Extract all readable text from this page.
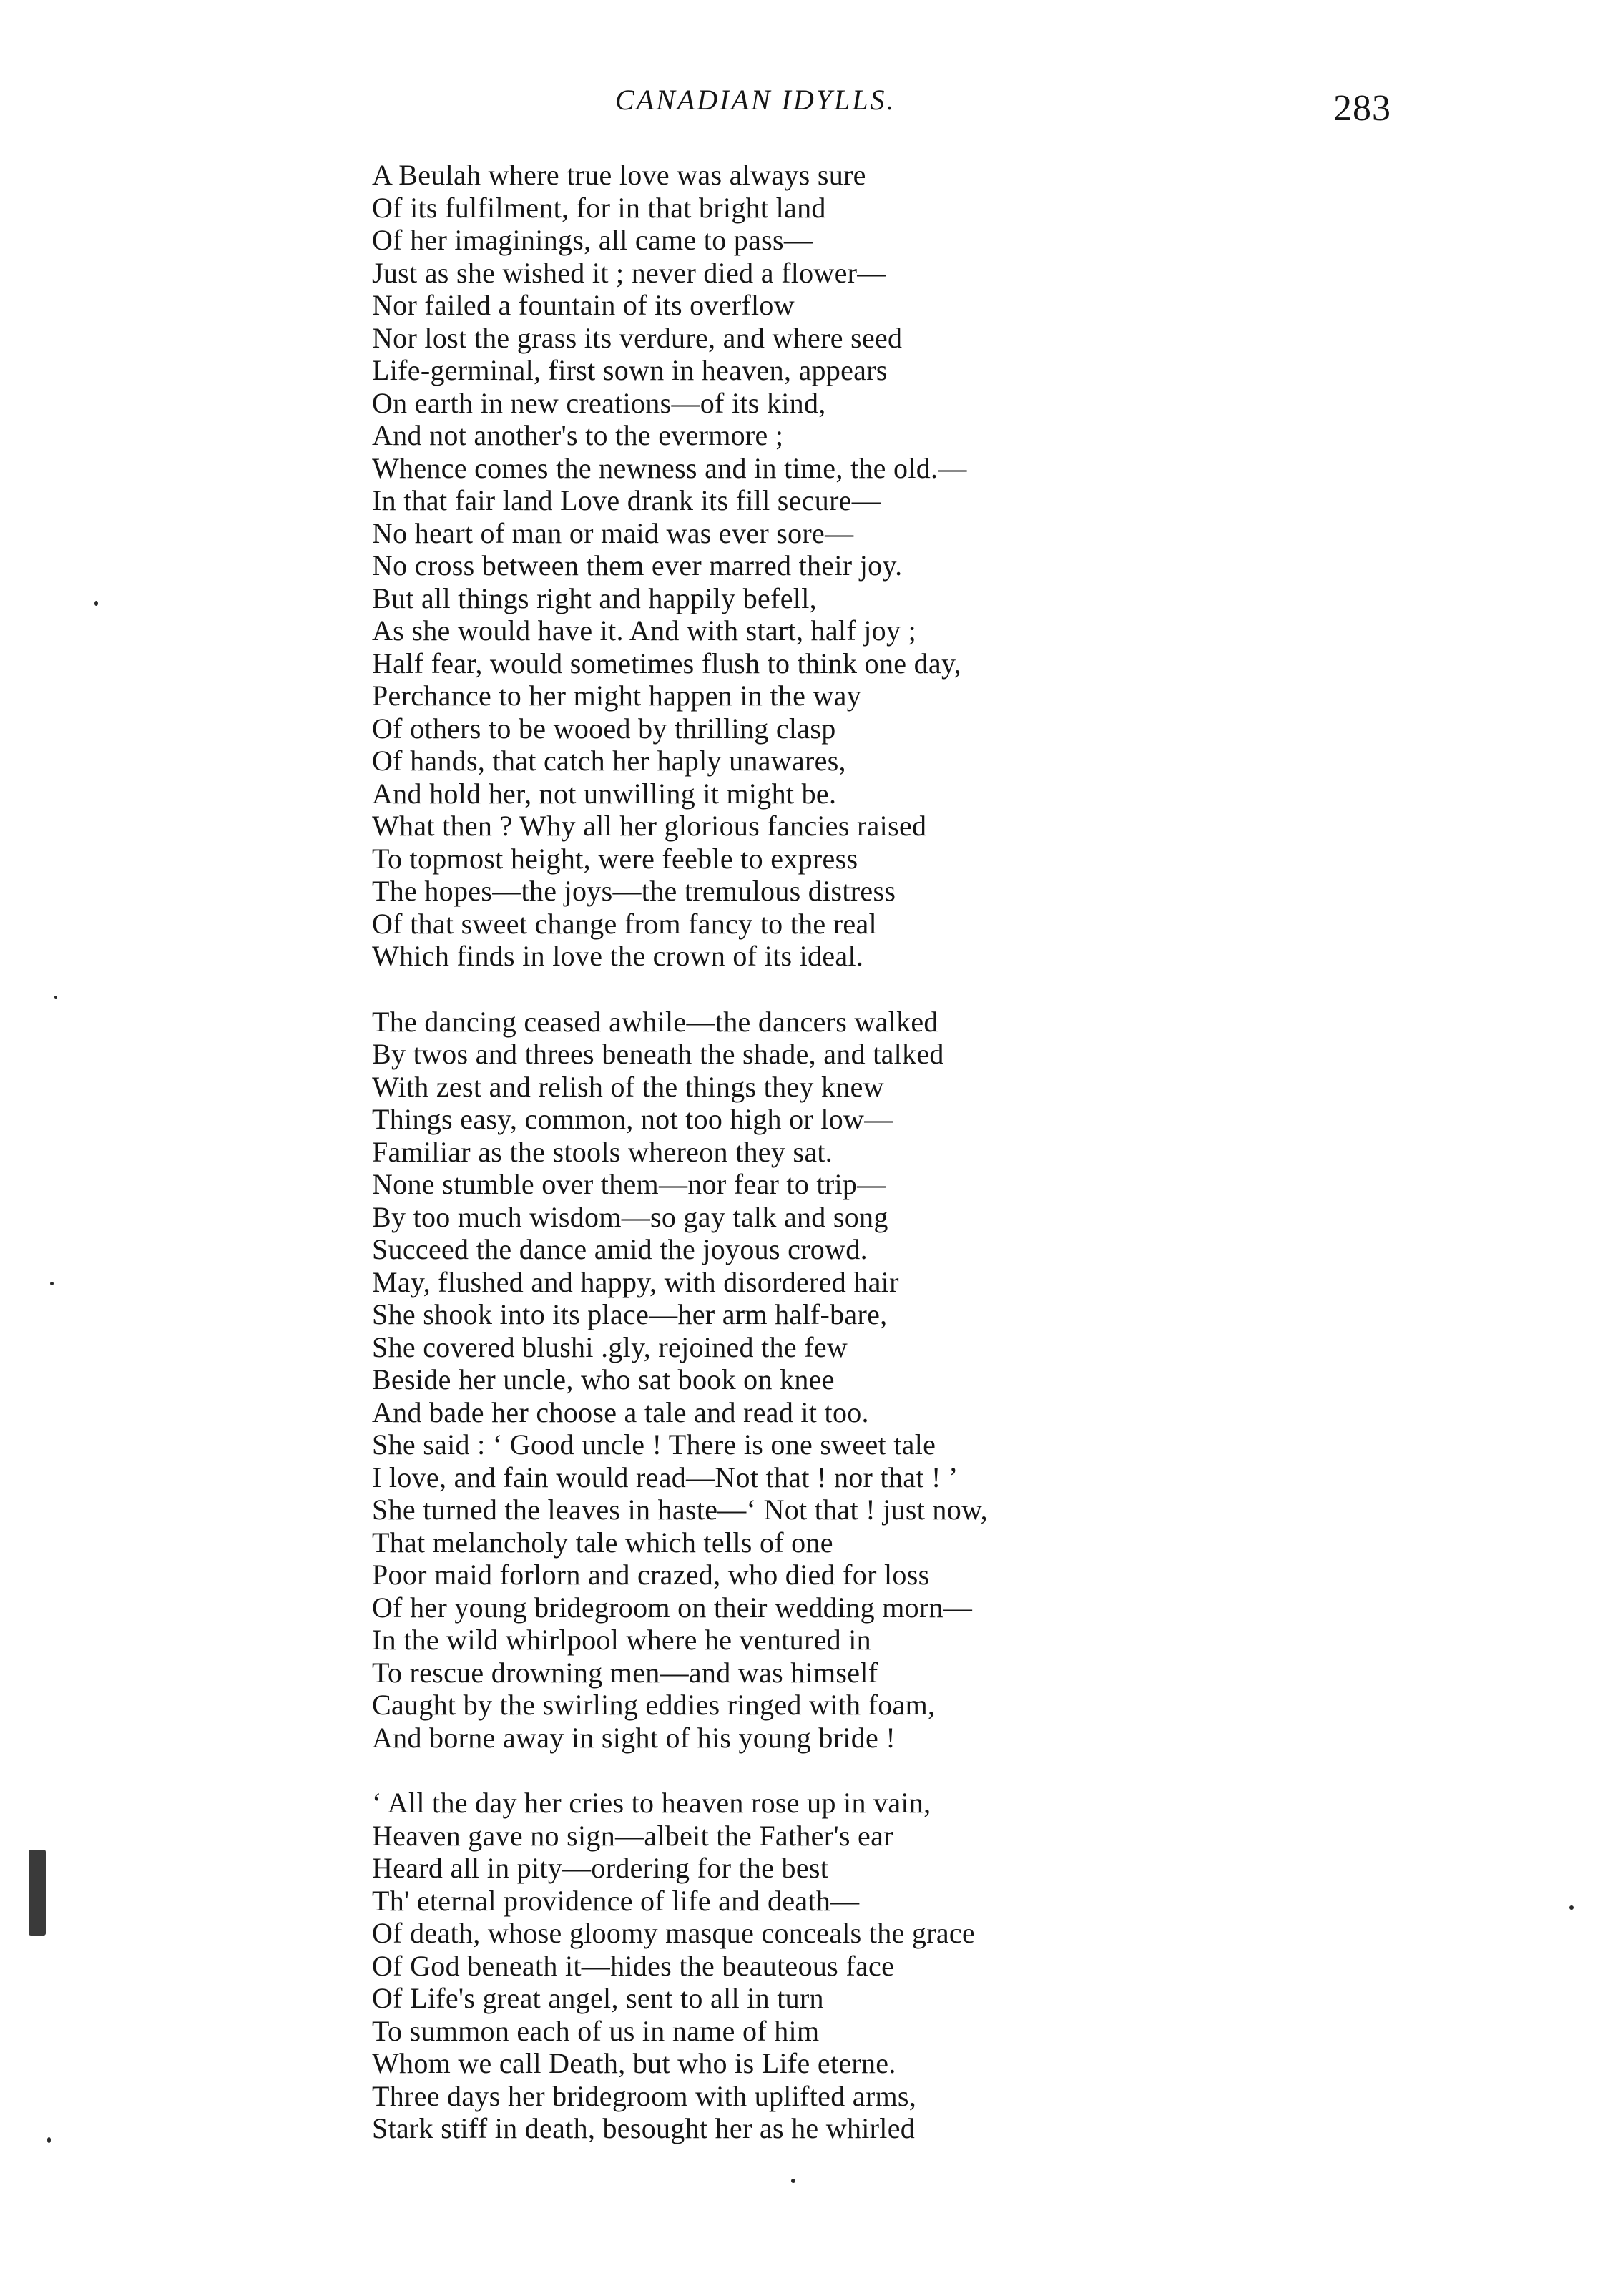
CANADIAN IDYLLS.	283
A Beulah where true love was always sure
Of its fulfilment, for in that bright land
Of her imaginings, all came to pass—
Just as she wished it ; never died a flower—
Nor failed a fountain of its overflow
Nor lost the grass its verdure, and where seed
Life-germinal, first sown in heaven, appears
On earth in new creations—of its kind,
And not another's to the evermore ;
Whence comes the newness and in time, the old.—
In that fair land Love drank its fill secure—
No heart of man or maid was ever sore—
No cross between them ever marred their joy.
But all things right and happily befell,
As she would have it. And with start, half joy ;
Half fear, would sometimes flush to think one day,
Perchance to her might happen in the way
Of others to be wooed by thrilling clasp
Of hands, that catch her haply unawares,
And hold her, not unwilling it might be.
What then ? Why all her glorious fancies raised
To topmost height, were feeble to express
The hopes—the joys—the tremulous distress
Of that sweet change from fancy to the real
Which finds in love the crown of its ideal.
The dancing ceased awhile—the dancers walked
By twos and threes beneath the shade, and talked
With zest and relish of the things they knew
Things easy, common, not too high or low—
Familiar as the stools whereon they sat.
None stumble over them—nor fear to trip—
By too much wisdom—so gay talk and song
Succeed the dance amid the joyous crowd.
May, flushed and happy, with disordered hair
She shook into its place—her arm half-bare,
She covered blushi .gly, rejoined the few
Beside her uncle, who sat book on knee
And bade her choose a tale and read it too.
She said : ‘ Good uncle ! There is one sweet tale
I love, and fain would read—Not that ! nor that ! ’
She turned the leaves in haste—‘ Not that ! just now,
That melancholy tale which tells of one
Poor maid forlorn and crazed, who died for loss
Of her young bridegroom on their wedding morn—
In the wild whirlpool where he ventured in
To rescue drowning men—and was himself
Caught by the swirling eddies ringed with foam,
And borne away in sight of his young bride !
‘ All the day her cries to heaven rose up in vain,
Heaven gave no sign—albeit the Father's ear
Heard all in pity—ordering for the best
Th' eternal providence of life and death—
Of death, whose gloomy masque conceals the grace
Of God beneath it—hides the beauteous face
Of Life's great angel, sent to all in turn
To summon each of us in name of him
Whom we call Death, but who is Life eterne.
Three days her bridegroom with uplifted arms,
Stark stiff in death, besought her as he whirled
